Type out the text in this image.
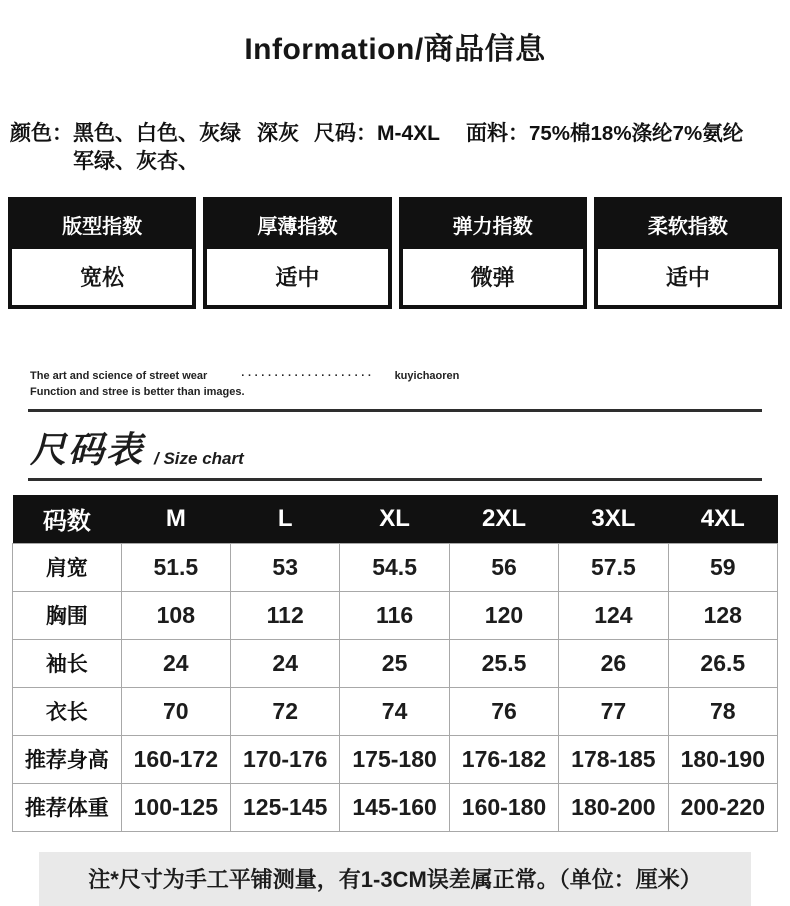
Information/商品信息
颜色： 黑色、白色、灰绿
军绿、灰杏、
深灰 尺码： M-4XL 面料： 75%棉18%涤纶7%氨纶
版型指数
宽松
厚薄指数
适中
弹力指数
微弹
柔软指数
适中
The art and science of street wear	···················· kuyichaoren
Function and stree is better than images.
尺码表 / Size chart
码数	M	L	XL	2XL	3XL	4XL
肩宽	51.5	53	54.5	56	57.5	59
胸围	108	112	116	120	124	128
袖长	24	24	25	25.5	26	26.5
衣长	70	72	74	76	77	78
推荐身高	160-172	170-176	175-180	176-182	178-185	180-190
推荐体重	100-125	125-145	145-160	160-180	180-200	200-220
注*尺寸为手工平铺测量，有1-3CM误差属正常。（单位：厘米）
